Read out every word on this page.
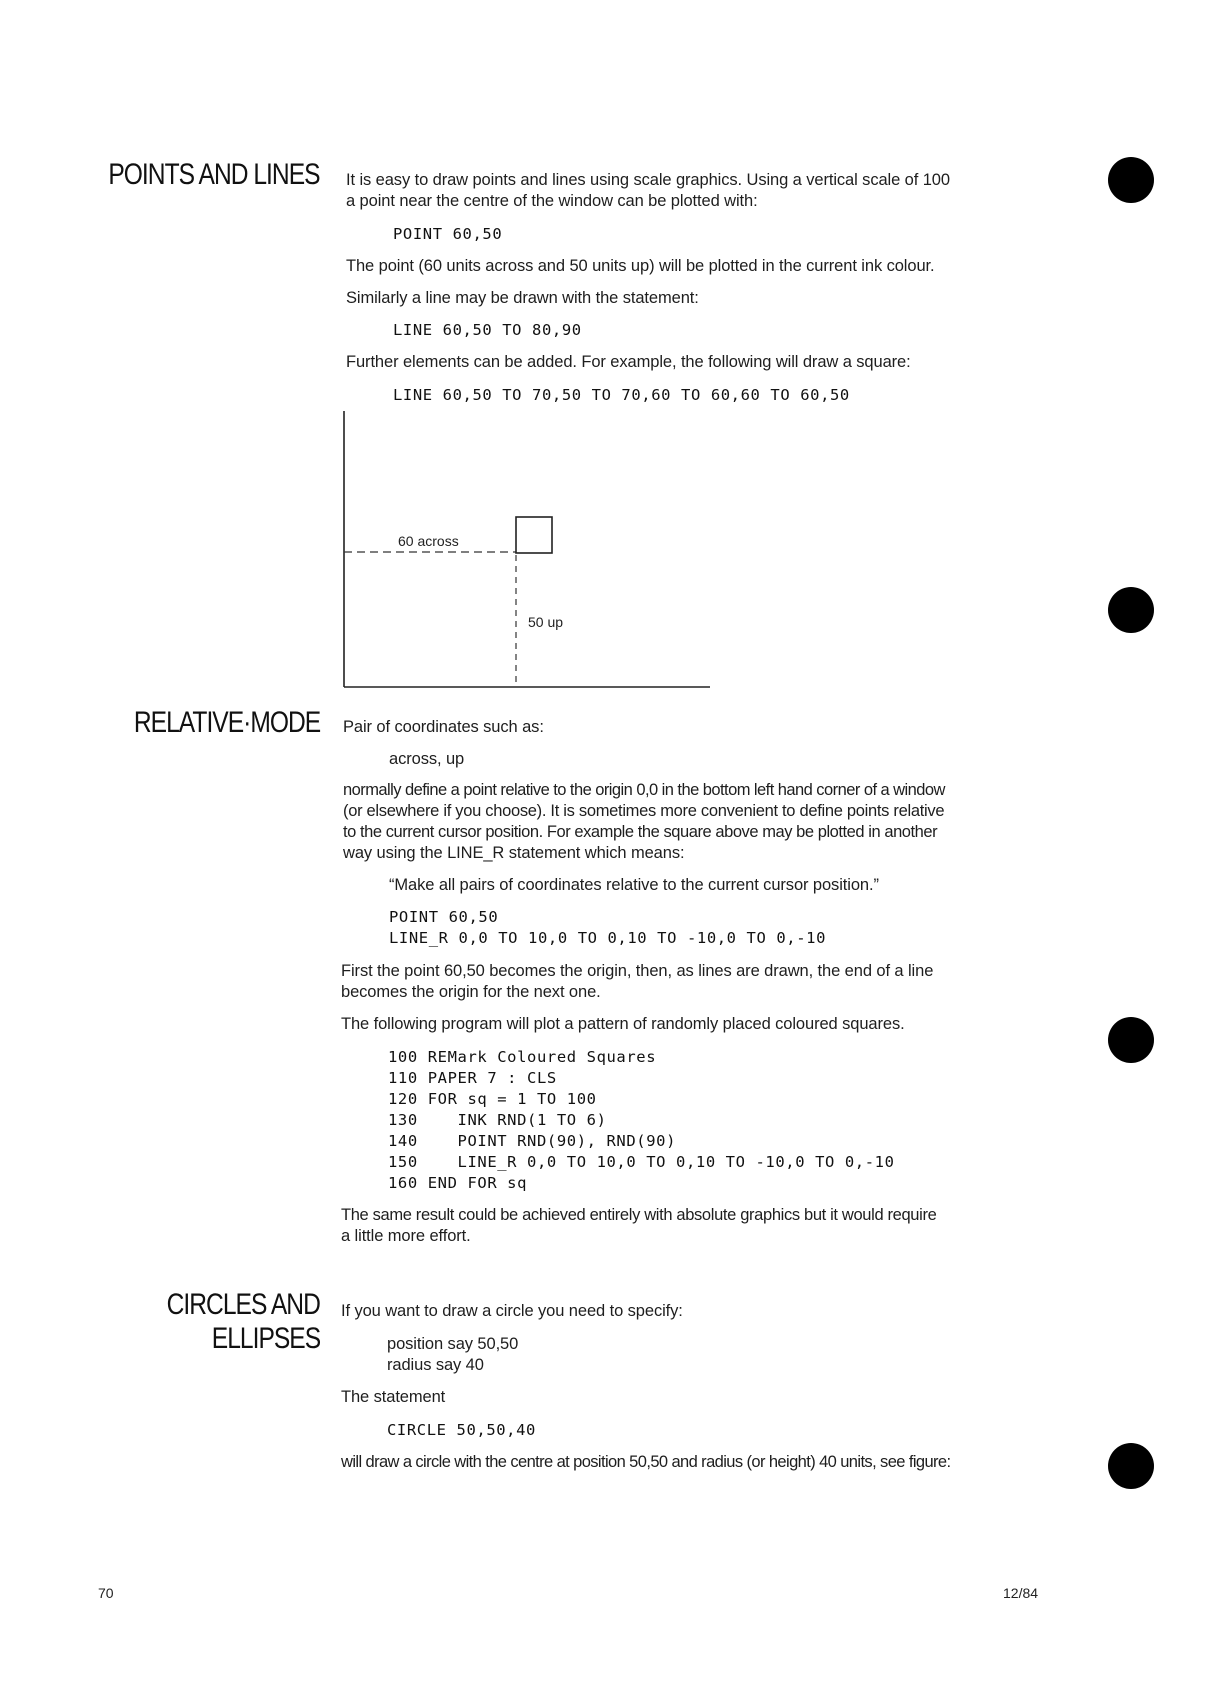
POINTS AND LINES It is easy to draw points and lines using scale graphics. Using a vertical scale of 100
a point near the centre of the window can be plotted with:
POINT 60,50
The point (60 units across and 50 units up) will be plotted in the current ink colour.
Similarly a line may be drawn with the statement:
LINE 60,50 TO 80,90
Further elements can be added. For example, the following will draw a square:
LINE 60,50 TO 70,50 TO 70,60 TO 60,60 TO 60,50
60 across
50 up
RELATIVE·MODE Pair of coordinates such as:
across, up
normally define a point relative to the origin 0,0 in the bottom left hand corner of a window
(or elsewhere if you choose). It is sometimes more convenient to define points relative
to the current cursor position. For example the square above may be plotted in another
way using the LINE_R statement which means:
“Make all pairs of coordinates relative to the current cursor position.”
POINT 60,50
LINE_R 0,0 TO 10,0 TO 0,10 TO -10,0 TO 0,-10
First the point 60,50 becomes the origin, then, as lines are drawn, the end of a line
becomes the origin for the next one.
The following program will plot a pattern of randomly placed coloured squares.
100 REMark Coloured Squares
110 PAPER 7 : CLS
120 FOR sq = 1 TO 100
130    INK RND(1 TO 6)
140    POINT RND(90), RND(90)
150    LINE_R 0,0 TO 10,0 TO 0,10 TO -10,0 TO 0,-10
160 END FOR sq
The same result could be achieved entirely with absolute graphics but it would require
a little more effort.
CIRCLES AND
ELLIPSES
If you want to draw a circle you need to specify:
position say 50,50
radius say 40
The statement
CIRCLE 50,50,40
will draw a circle with the centre at position 50,50 and radius (or height) 40 units, see figure:
70	12/84
